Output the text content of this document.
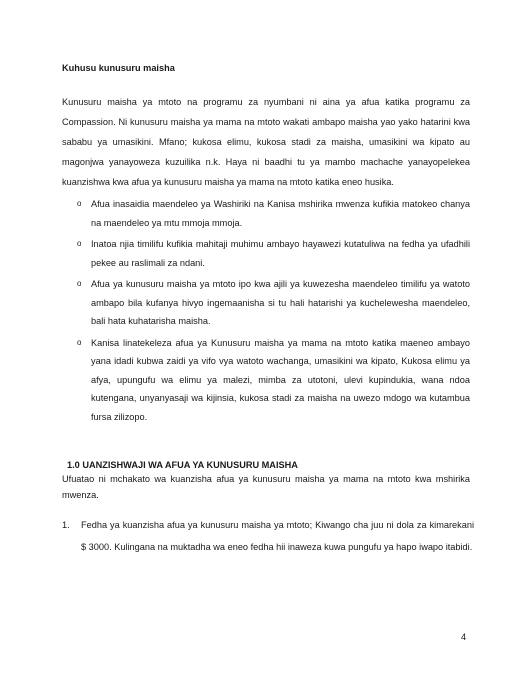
Kuhusu kunusuru maisha
Kunusuru maisha ya mtoto na programu za nyumbani ni aina ya afua katika programu za Compassion. Ni kunusuru maisha ya mama na mtoto wakati ambapo maisha yao yako hatarini kwa sababu ya umasikini. Mfano; kukosa elimu, kukosa stadi za maisha, umasikini wa kipato au magonjwa yanayoweza kuzuilika n.k. Haya ni baadhi tu ya mambo machache yanayopelekea kuanzishwa kwa afua ya kunusuru maisha ya mama na mtoto katika eneo husika.
o Afua inasaidia maendeleo ya Washiriki na Kanisa mshirika mwenza kufikia matokeo chanya na maendeleo ya mtu mmoja mmoja.
o Inatoa njia timilifu kufikia mahitaji muhimu ambayo hayawezi kutatuliwa na fedha ya ufadhili pekee au raslimali za ndani.
o Afua ya kunusuru maisha ya mtoto ipo kwa ajili ya kuwezesha maendeleo timilifu ya watoto ambapo bila kufanya hivyo ingemaanisha si tu hali hatarishi ya kuchelewesha maendeleo, bali hata kuhatarisha maisha.
o Kanisa linatekeleza afua ya Kunusuru maisha ya mama na mtoto katika maeneo ambayo yana idadi kubwa zaidi ya vifo vya watoto wachanga, umasikini wa kipato, Kukosa elimu ya afya, upungufu wa elimu ya malezi, mimba za utotoni, ulevi kupindukia, wana ndoa kutengana, unyanyasaji wa kijinsia, kukosa stadi za maisha na uwezo mdogo wa kutambua fursa zilizopo.
1.0 UANZISHWAJI WA AFUA YA KUNUSURU MAISHA
Ufuatao ni mchakato wa kuanzisha afua ya kunusuru maisha ya mama na mtoto kwa mshirika mwenza.
1. Fedha ya kuanzisha afua ya kunusuru maisha ya mtoto; Kiwango cha juu ni dola za kimarekani $ 3000. Kulingana na muktadha wa eneo fedha hii inaweza kuwa pungufu ya hapo iwapo itabidi.
4
